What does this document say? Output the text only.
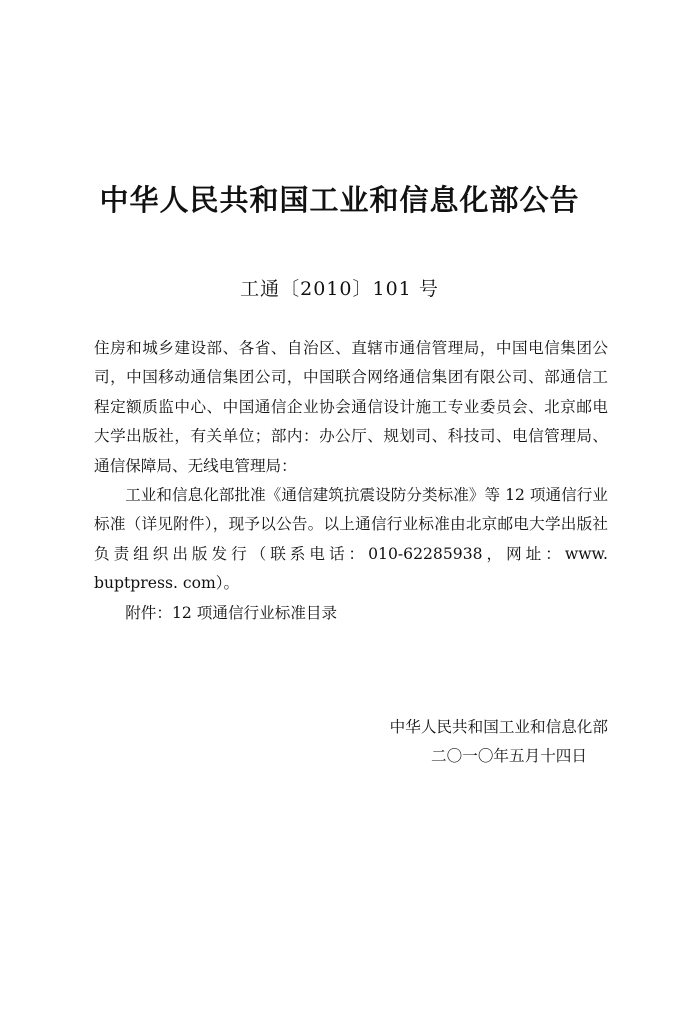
中华人民共和国工业和信息化部公告
工通〔2010〕101 号

住房和城乡建设部、各省、自治区、直辖市通信管理局，中国电信集团公司，中国移动通信集团公司，中国联合网络通信集团有限公司、部通信工程定额质监中心、中国通信企业协会通信设计施工专业委员会、北京邮电大学出版社，有关单位；部内：办公厅、规划司、科技司、电信管理局、通信保障局、无线电管理局：

工业和信息化部批准《通信建筑抗震设防分类标准》等 12 项通信行业标准（详见附件），现予以公告。以上通信行业标准由北京邮电大学出版社负责组织出版发行（联系电话：010-62285938，网址：www. buptpress. com）。

附件：12 项通信行业标准目录

中华人民共和国工业和信息化部
二〇一〇年五月十四日
